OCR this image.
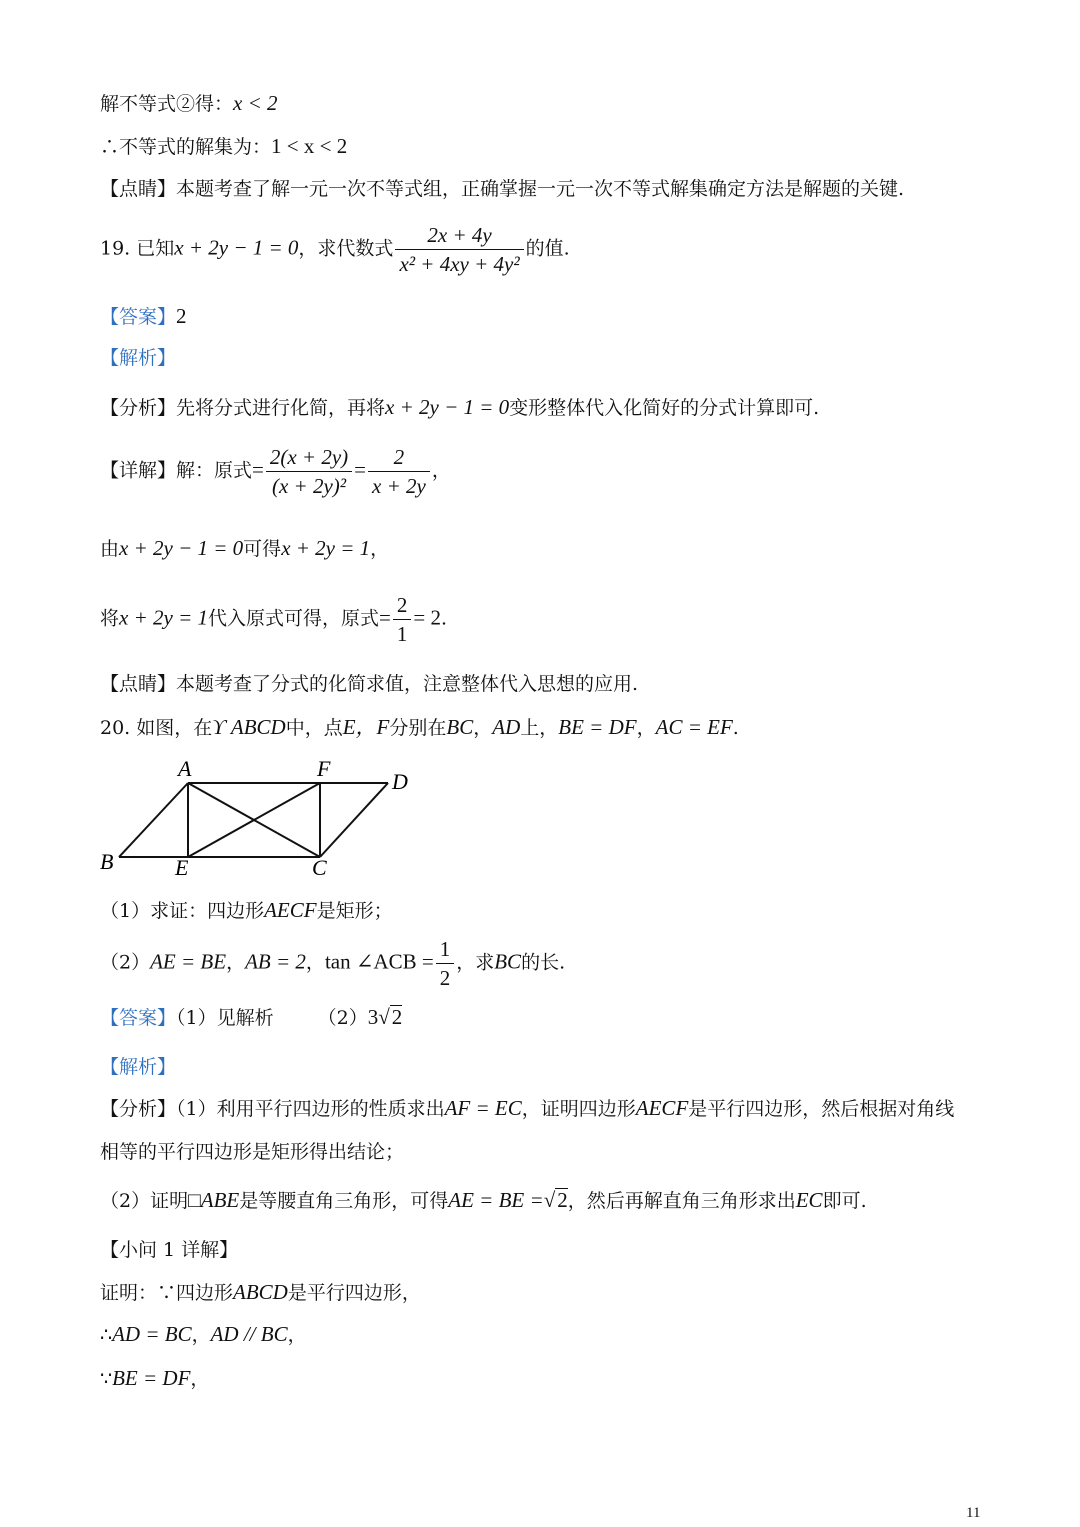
解不等式②得：x < 2
∴不等式的解集为：1 < x < 2
【点睛】本题考查了解一元一次不等式组，正确掌握一元一次不等式解集确定方法是解题的关键.
19. 已知x + 2y − 1 = 0，求代数式 $\frac{2x + 4y}{\text{x² + 4xy + 4y²}}$ 的值.
【答案】2
【解析】
【分析】先将分式进行化简，再将x + 2y − 1 = 0变形整体代入化简好的分式计算即可.
【详解】解：原式= $\frac{2(x + 2y)}{\text{(x + 2y)²}} = \frac{2}{x + 2y}$ ，
由x + 2y − 1 = 0可得x + 2y = 1，
将x + 2y = 1代入原式可得，原式= $\frac{2}{1} = 2$.
【点睛】本题考查了分式的化简求值，注意整体代入思想的应用.
20. 如图，在ϒ ABCD中，点E，F分别在BC，AD上，BE = DF，AC = EF.
A	F
D
B	E	C
（1）求证：四边形AECF是矩形；
（2）AE = BE，AB = 2，tan ∠ACB = $\frac{1}{2}$ ，求BC的长.
【答案】（1）见解析 （2）3√2
【解析】
【分析】（1）利用平行四边形的性质求出AF = EC，证明四边形AECF是平行四边形，然后根据对角线
相等的平行四边形是矩形得出结论；
（2）证明□ABE是等腰直角三角形，可得AE = BE =√2，然后再解直角三角形求出EC即可.
【小问 1 详解】
证明：∵四边形ABCD是平行四边形，
∴AD = BC，AD // BC，
∵BE = DF，
11
